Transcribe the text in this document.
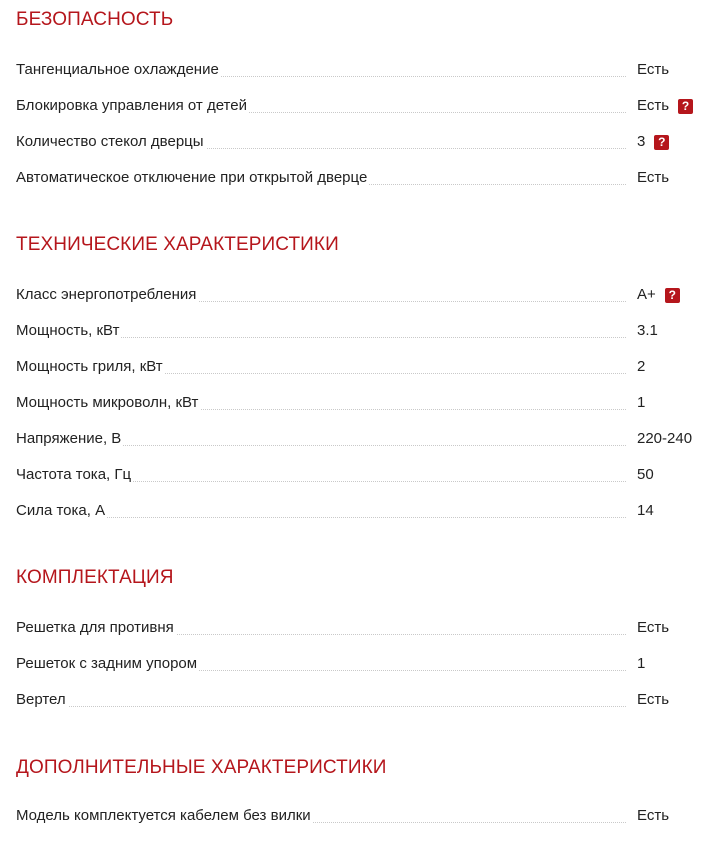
БЕЗОПАСНОСТЬ
Тангенциальное охлаждение	Есть
Блокировка управления от детей	Есть	?
Количество стекол дверцы	3	?
Автоматическое отключение при открытой дверце	Есть
ТЕХНИЧЕСКИЕ ХАРАКТЕРИСТИКИ
Класс энергопотребления	А+	?
Мощность, кВт	3.1
Мощность гриля, кВт	2
Мощность микроволн, кВт	1
Напряжение, В	220-240
Частота тока, Гц	50
Сила тока, А	14
КОМПЛЕКТАЦИЯ
Решетка для противня	Есть
Решеток с задним упором	1
Вертел	Есть
ДОПОЛНИТЕЛЬНЫЕ ХАРАКТЕРИСТИКИ
Модель комплектуется кабелем без вилки	Есть
